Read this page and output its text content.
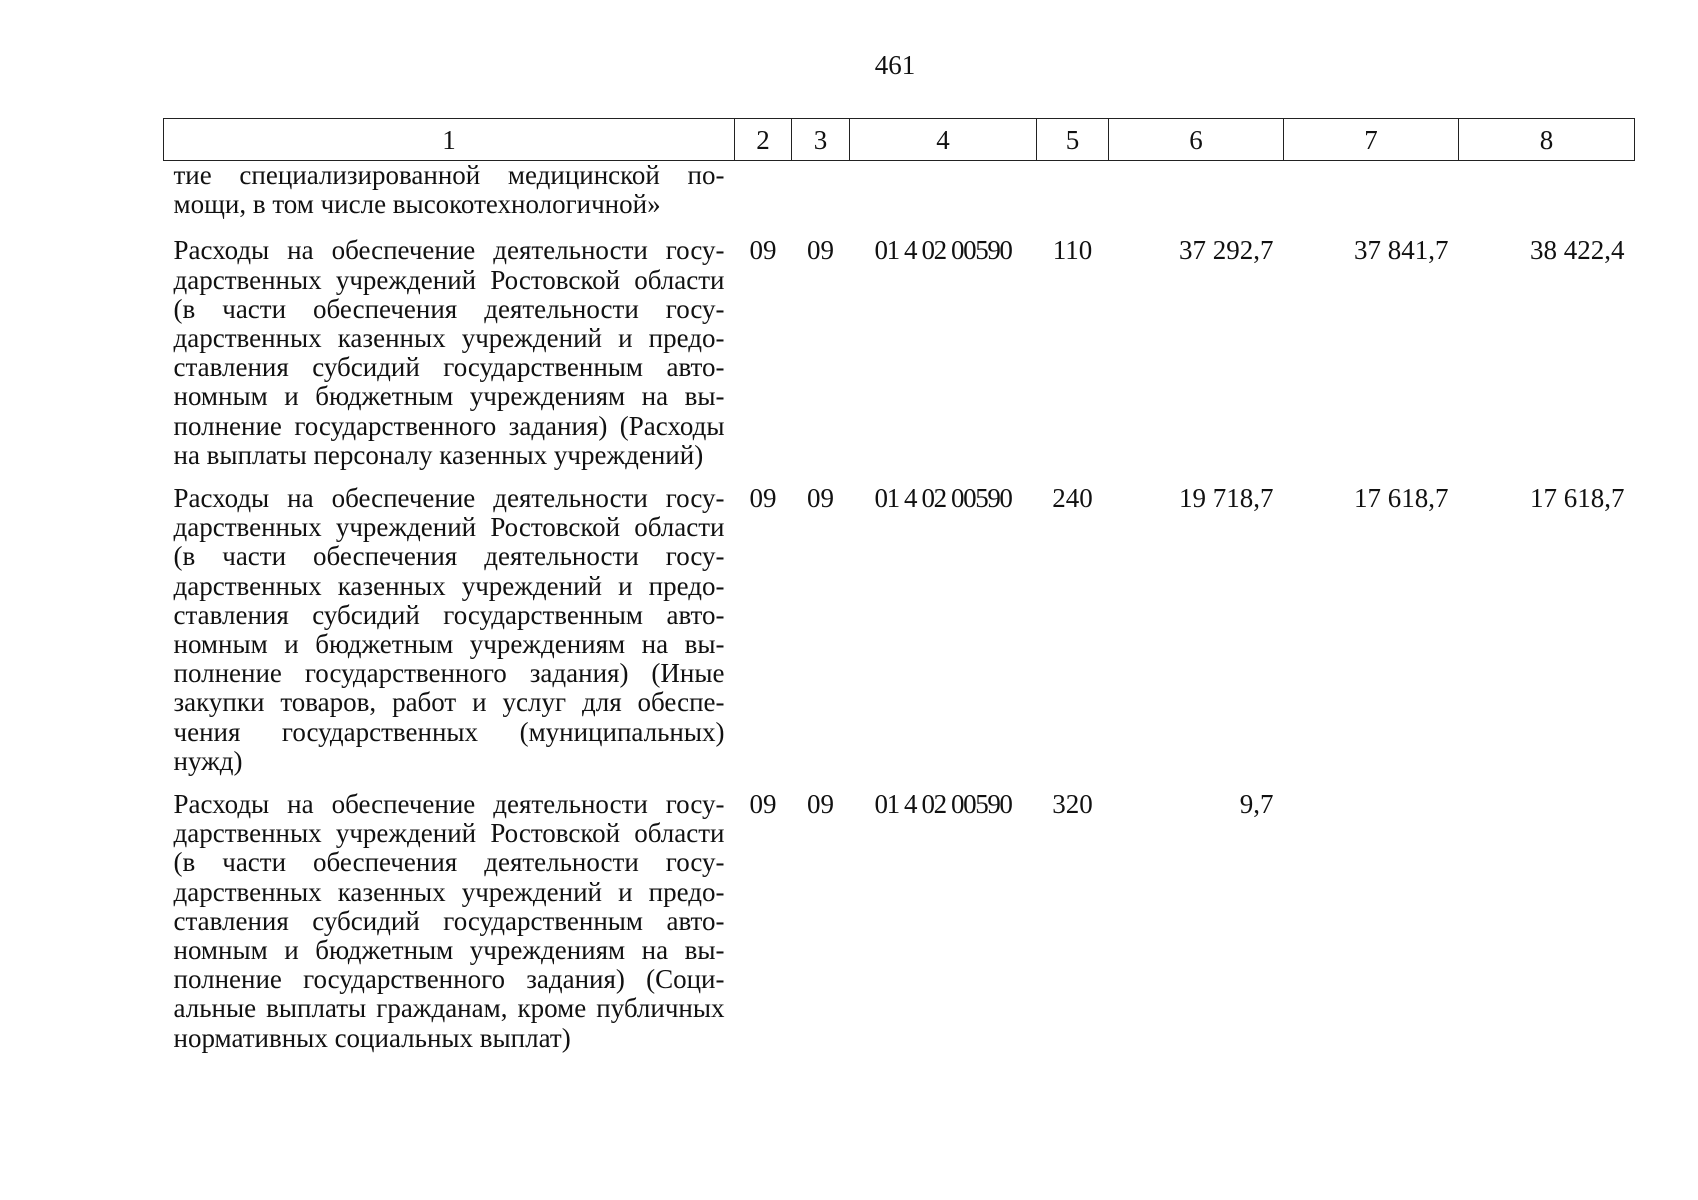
461
1	2	3	4	5	6	7	8
тие специализированной медицинской помощи, в том числе высокотехнологичной»							
Расходы на обеспечение деятельности государственных учреждений Ростовской области (в части обеспечения деятельности государственных казенных учреждений и предоставления субсидий государственным автономным и бюджетным учреждениям на выполнение государственного задания) (Расходы на выплаты персоналу казенных учреждений)	09	09	01 4 02 00590	110	37 292,7	37 841,7	38 422,4
Расходы на обеспечение деятельности государственных учреждений Ростовской области (в части обеспечения деятельности государственных казенных учреждений и предоставления субсидий государственным автономным и бюджетным учреждениям на выполнение государственного задания) (Иные закупки товаров, работ и услуг для обеспечения государственных (муниципальных) нужд)	09	09	01 4 02 00590	240	19 718,7	17 618,7	17 618,7
Расходы на обеспечение деятельности государственных учреждений Ростовской области (в части обеспечения деятельности государственных казенных учреждений и предоставления субсидий государственным автономным и бюджетным учреждениям на выполнение государственного задания) (Социальные выплаты гражданам, кроме публичных нормативных социальных выплат)	09	09	01 4 02 00590	320	9,7		
